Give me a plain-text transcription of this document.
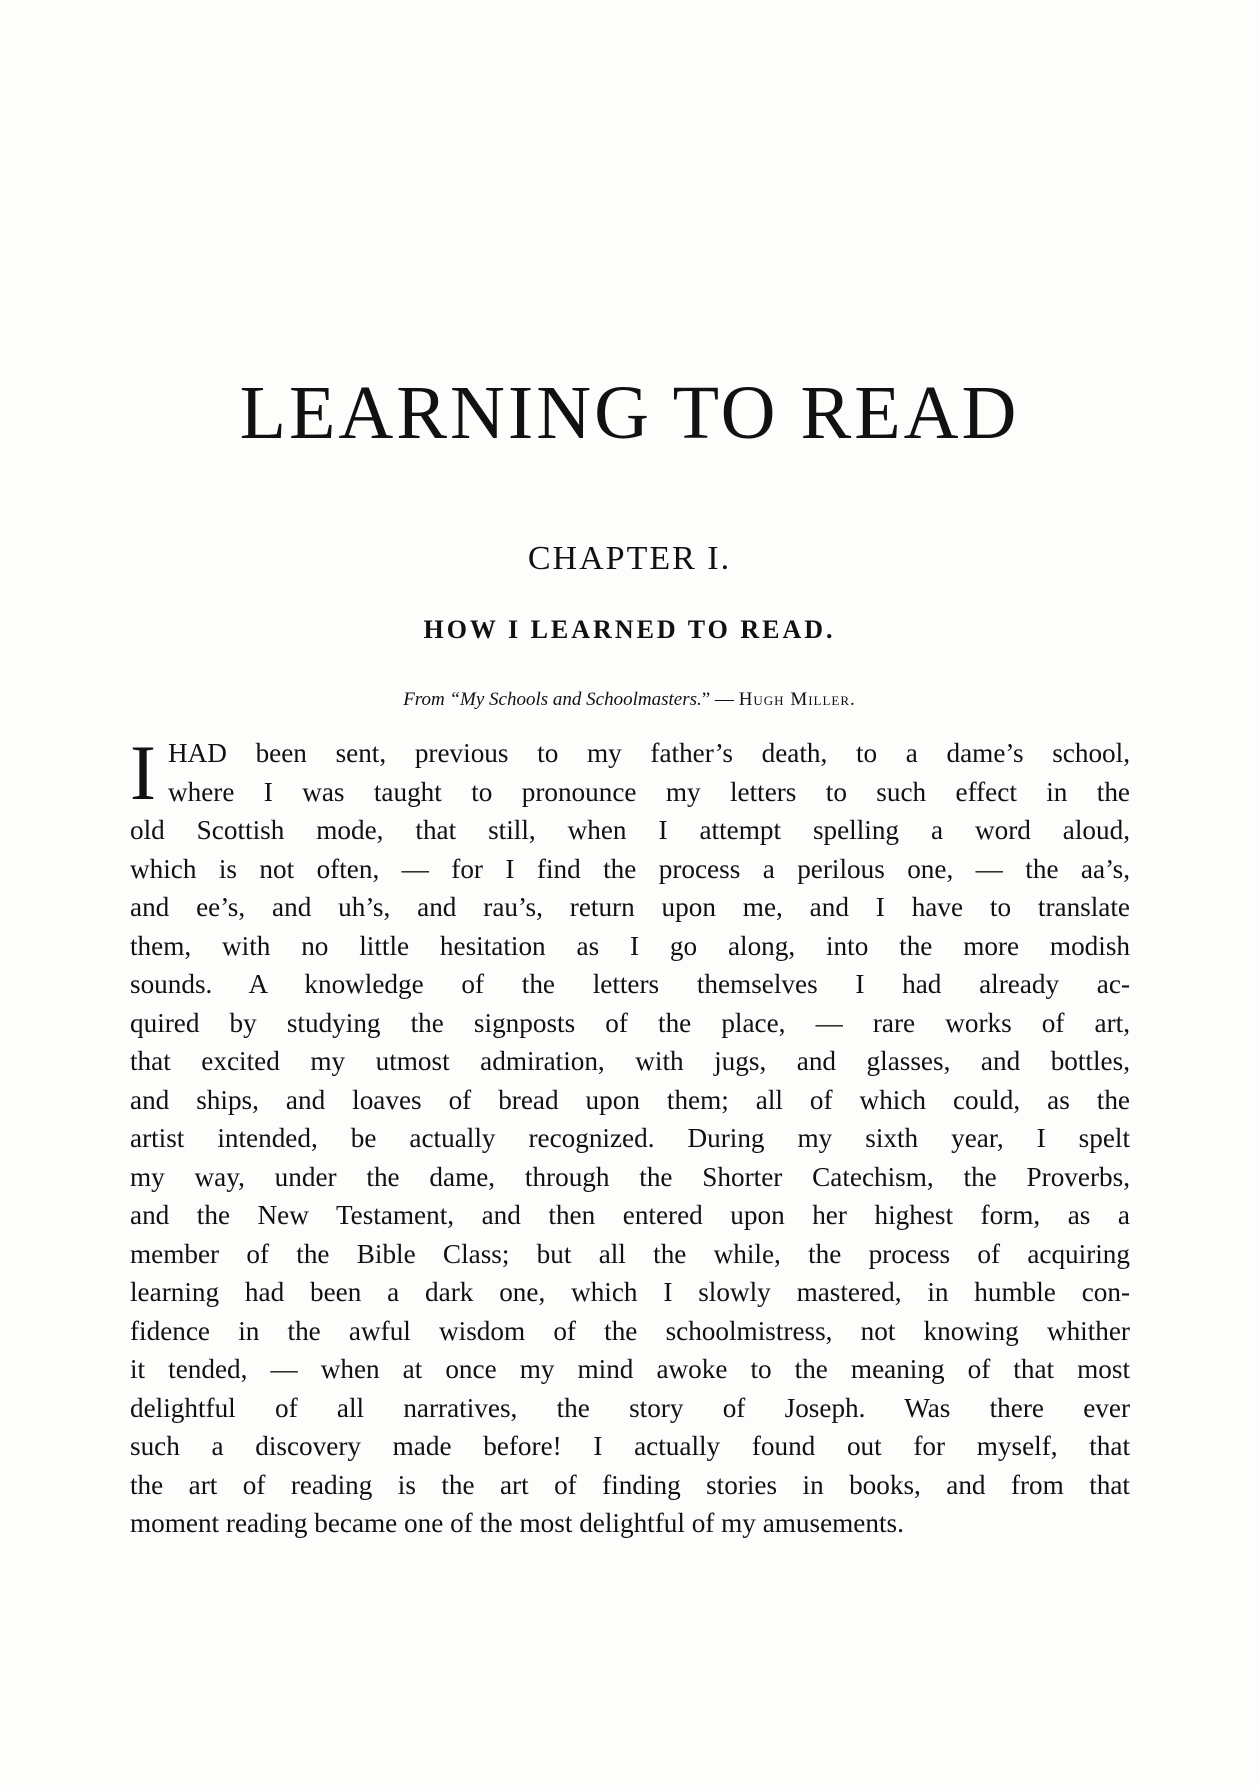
LEARNING TO READ
CHAPTER I.
HOW I LEARNED TO READ.

From “My Schools and Schoolmasters.” — Hugh Miller.

I HAD been sent, previous to my father’s death, to a dame’s school,
where I was taught to pronounce my letters to such effect in the
old Scottish mode, that still, when I attempt spelling a word aloud,
which is not often, — for I find the process a perilous one, — the aa’s,
and ee’s, and uh’s, and rau’s, return upon me, and I have to translate
them, with no little hesitation as I go along, into the more modish
sounds. A knowledge of the letters themselves I had already ac-
quired by studying the signposts of the place, — rare works of art,
that excited my utmost admiration, with jugs, and glasses, and bottles,
and ships, and loaves of bread upon them; all of which could, as the
artist intended, be actually recognized. During my sixth year, I spelt
my way, under the dame, through the Shorter Catechism, the Proverbs,
and the New Testament, and then entered upon her highest form, as a
member of the Bible Class; but all the while, the process of acquiring
learning had been a dark one, which I slowly mastered, in humble con-
fidence in the awful wisdom of the schoolmistress, not knowing whither
it tended, — when at once my mind awoke to the meaning of that most
delightful of all narratives, the story of Joseph. Was there ever
such a discovery made before! I actually found out for myself, that
the art of reading is the art of finding stories in books, and from that
moment reading became one of the most delightful of my amusements.
